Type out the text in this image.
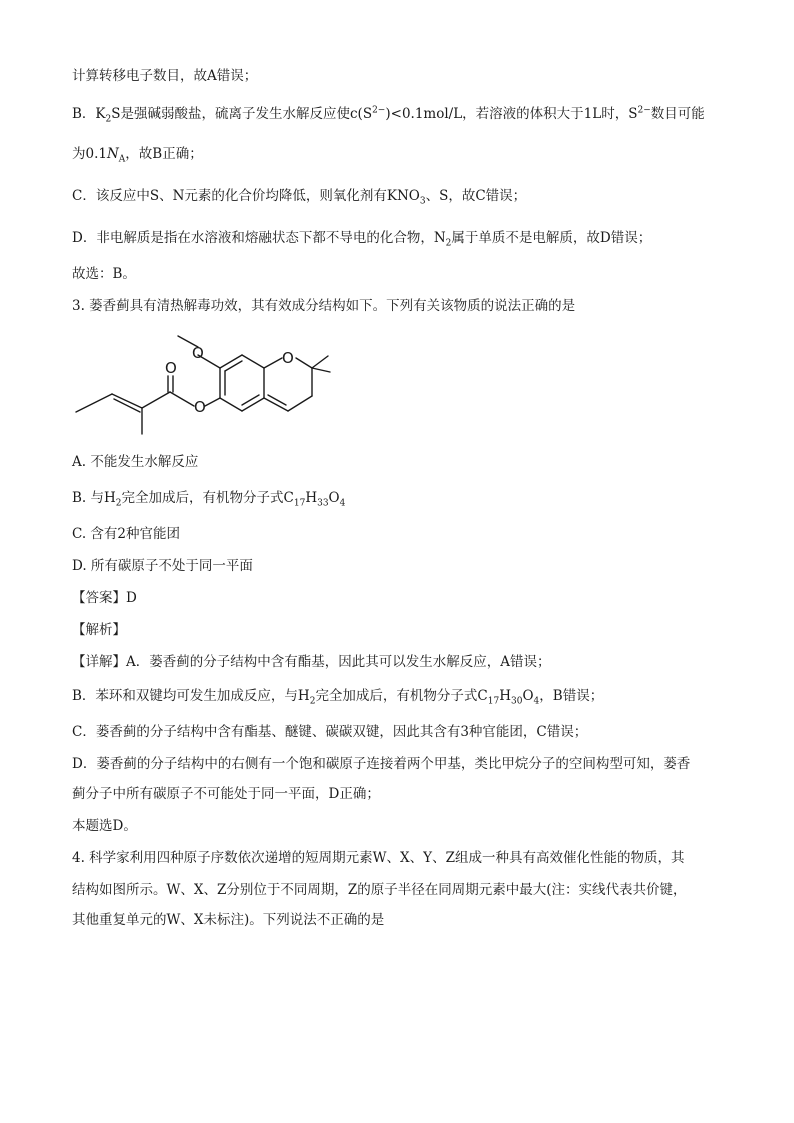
计算转移电子数目，故A错误；
B．$K_2S$是强碱弱酸盐，硫离子发生水解反应使$c(S^{2-})<0.1mol/L$，若溶液的体积大于1L时，$S^{2-}$数目可能
为$0.1N_A$，故B正确；
C．该反应中S、N元素的化合价均降低，则氧化剂有$KNO_3$、S，故C错误；
D．非电解质是指在水溶液和熔融状态下都不导电的化合物，$N_2$属于单质不是电解质，故D错误；
故选：B。
3. 蒌香蓟具有清热解毒功效，其有效成分结构如下。下列有关该物质的说法正确的是
O
O
O	O
A. 不能发生水解反应
B. 与$H_2$完全加成后，有机物分子式$C_{17}H_{33}O_4$
C. 含有2种官能团
D. 所有碳原子不处于同一平面
【答案】D
【解析】
【详解】A．蒌香蓟的分子结构中含有酯基，因此其可以发生水解反应，A错误；
B．苯环和双键均可发生加成反应，与$H_2$完全加成后，有机物分子式$C_{17}H_{30}O_4$，B错误；
C．蒌香蓟的分子结构中含有酯基、醚键、碳碳双键，因此其含有3种官能团，C错误；
D．蒌香蓟的分子结构中的右侧有一个饱和碳原子连接着两个甲基，类比甲烷分子的空间构型可知，蒌香
蓟分子中所有碳原子不可能处于同一平面，D正确；
本题选D。
4. 科学家利用四种原子序数依次递增的短周期元素W、X、Y、Z组成一种具有高效催化性能的物质，其
结构如图所示。W、X、Z分别位于不同周期，Z的原子半径在同周期元素中最大(注：实线代表共价键，
其他重复单元的W、X未标注)。下列说法不正确的是
